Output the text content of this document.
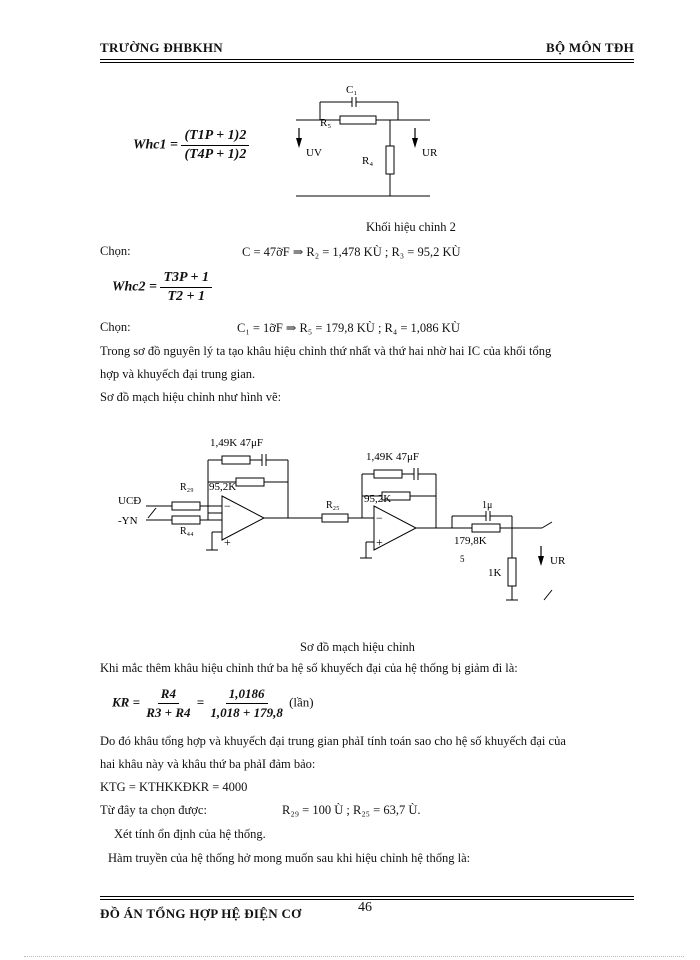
TRƯỜNG ĐHBKHN	BỘ MÔN TĐH
$Whc1 = \frac{(T1P + 1)2}{(T4P + 1)2}$
C₁
R₅
R₄
UV	UR
Khối hiệu chỉnh 2
Chọn:	C = 47ỡF ⇒ R₂ = 1,478 KÙ ; R₃ = 95,2 KÙ
$Whc2 = \frac{T3P + 1}{T2 + 1}$
Chọn:	C₁ = 1ỡF ⇒ R₅ = 179,8 KÙ ; R₄ = 1,086 KÙ
Trong sơ đồ nguyên lý ta tạo khâu hiệu chỉnh thứ nhất và thứ hai nhờ hai IC của khối tổng
hợp và khuyếch đại trung gian.
Sơ đồ mạch hiệu chỉnh như hình vẽ:
+
−
−
+
1,49K 47μF
95,2K
R₂₉
R₄₄
UCĐ
-YN
R₂₅
1,49K 47μF
95,2K
1μ
179,8K
5
1K
UR
Sơ đồ mạch hiệu chỉnh
Khi mắc thêm khâu hiệu chỉnh thứ ba hệ số khuyếch đại của hệ thống bị giảm đi là:
KR = $\frac{R4}{R3 + R4} = \frac{1,0186}{1,018 + 179,8}$ (lần)
Do đó khâu tổng hợp và khuyếch đại trung gian phảI tính toán sao cho hệ số khuyếch đại của
hai khâu này và khâu thứ ba phảI đảm bảo:
KTG = KTHKKĐKR = 4000
Từ đây ta chọn được:	R₂₉ = 100 Ù ; R₂₅ = 63,7 Ù.
Xét tính ổn định của hệ thống.
Hàm truyền của hệ thống hở mong muốn sau khi hiệu chỉnh hệ thống là:
ĐỒ ÁN TỔNG HỢP HỆ ĐIỆN CƠ	46
